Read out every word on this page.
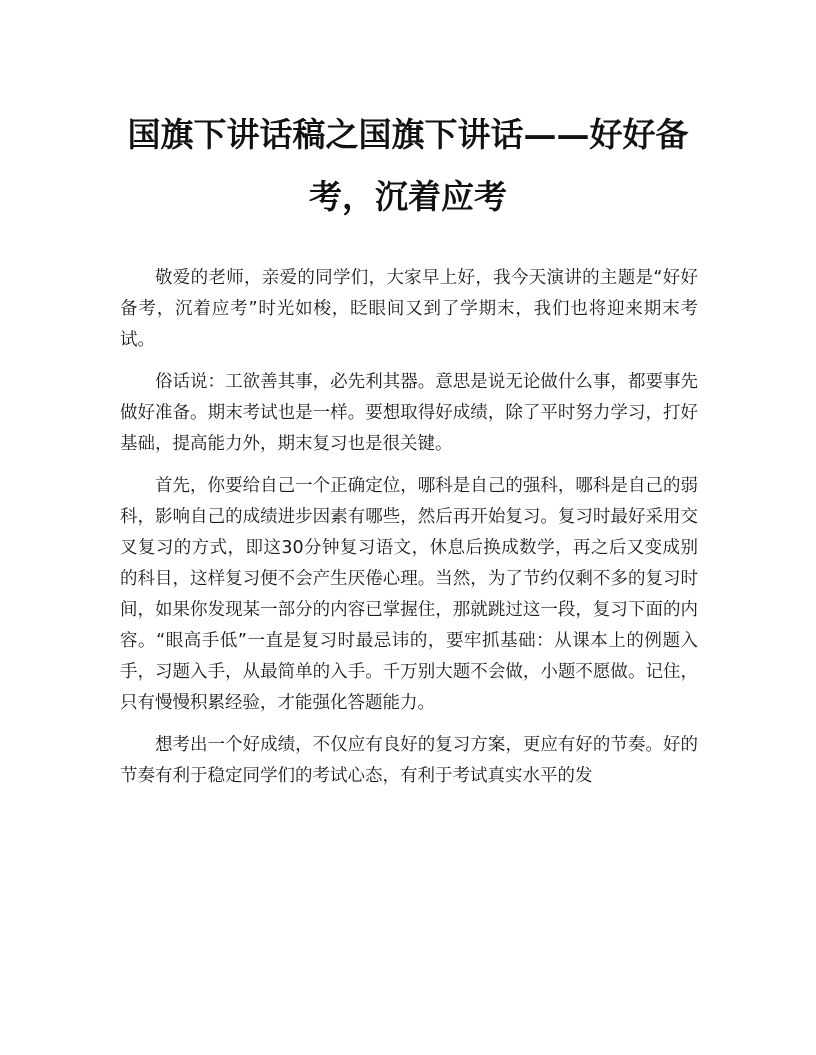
国旗下讲话稿之国旗下讲话——好好备考，沉着应考

敬爱的老师，亲爱的同学们，大家早上好，我今天演讲的主题是“好好备考，沉着应考”时光如梭，眨眼间又到了学期末，我们也将迎来期末考试。

俗话说：工欲善其事，必先利其器。意思是说无论做什么事，都要事先做好准备。期末考试也是一样。要想取得好成绩，除了平时努力学习，打好基础，提高能力外，期末复习也是很关键。

首先，你要给自己一个正确定位，哪科是自己的强科，哪科是自己的弱科，影响自己的成绩进步因素有哪些，然后再开始复习。复习时最好采用交叉复习的方式，即这30分钟复习语文，休息后换成数学，再之后又变成别的科目，这样复习便不会产生厌倦心理。当然，为了节约仅剩不多的复习时间，如果你发现某一部分的内容已掌握住，那就跳过这一段，复习下面的内容。“眼高手低”一直是复习时最忌讳的，要牢抓基础：从课本上的例题入手，习题入手，从最简单的入手。千万别大题不会做，小题不愿做。记住，只有慢慢积累经验，才能强化答题能力。

想考出一个好成绩，不仅应有良好的复习方案，更应有好的节奏。好的节奏有利于稳定同学们的考试心态，有利于考试真实水平的发
